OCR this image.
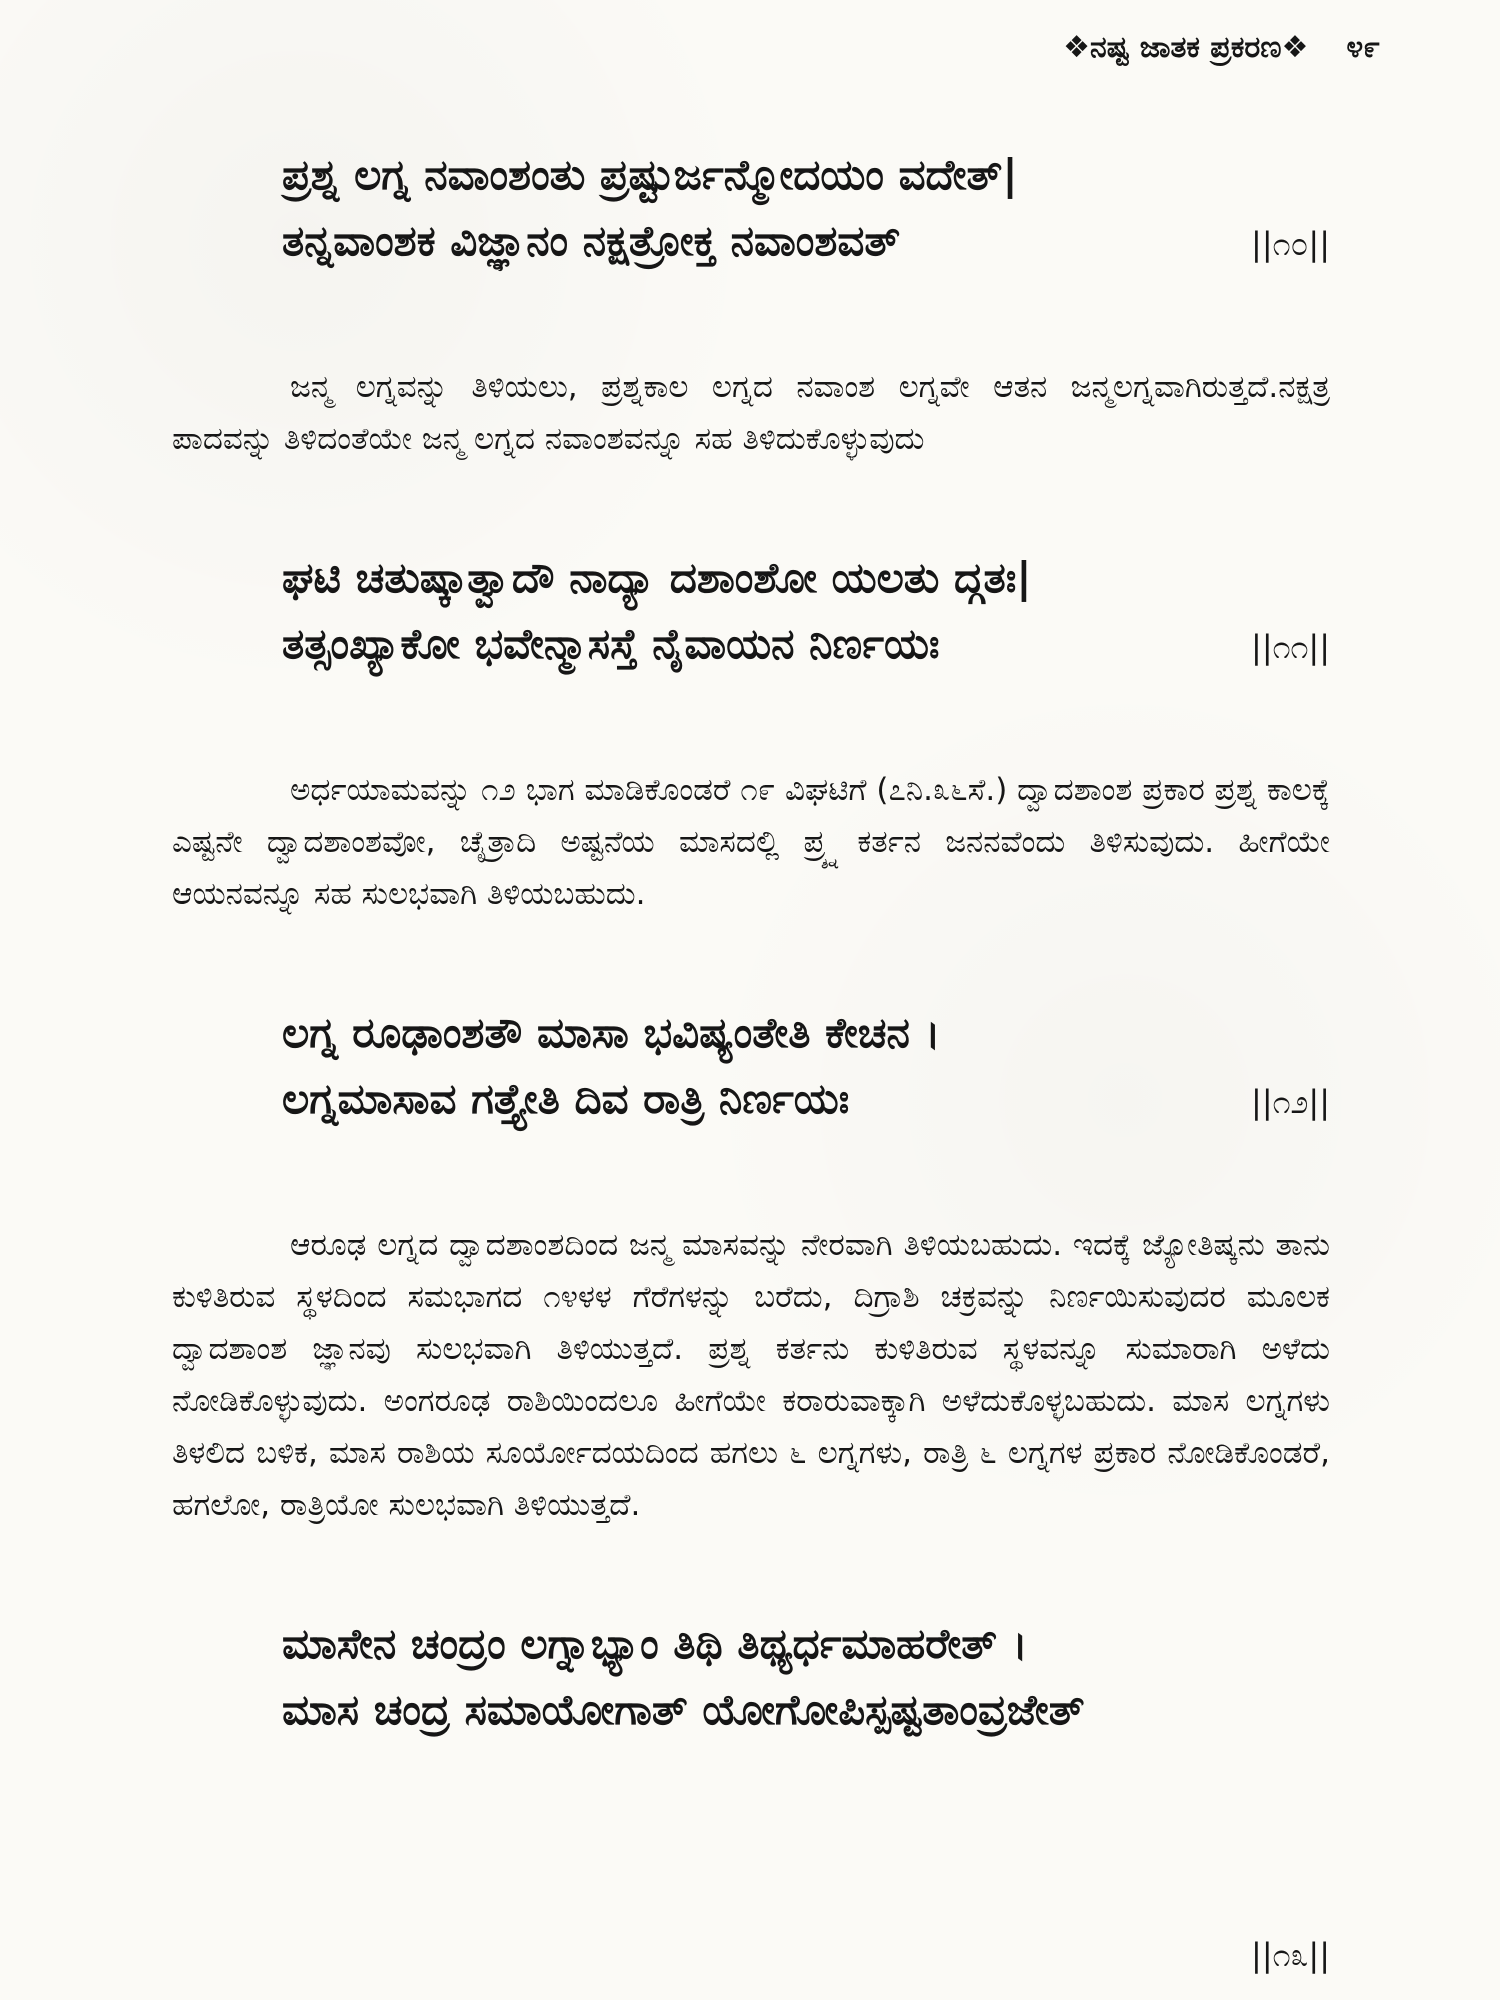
❖ನಷ್ಟ ಜಾತಕ ಪ್ರಕರಣ❖ ೪೯
ಪ್ರಶ್ನ ಲಗ್ನ ನವಾಂಶಂತು ಪ್ರಷ್ಟುರ್ಜನ್ಮೋದಯಂ ವದೇತ್|
ತನ್ನವಾಂಶಕ ವಿಜ್ಞಾನಂ ನಕ್ಷತ್ರೋಕ್ತ ನವಾಂಶವತ್	||೧೦||
ಜನ್ಮ ಲಗ್ನವನ್ನು ತಿಳಿಯಲು, ಪ್ರಶ್ನಕಾಲ ಲಗ್ನದ ನವಾಂಶ ಲಗ್ನವೇ ಆತನ ಜನ್ಮಲಗ್ನವಾಗಿರುತ್ತದೆ.ನಕ್ಷತ್ರ ಪಾದವನ್ನು ತಿಳಿದಂತೆಯೇ ಜನ್ಮ ಲಗ್ನದ ನವಾಂಶವನ್ನೂ ಸಹ ತಿಳಿದುಕೊಳ್ಳುವುದು
ಘಟಿ ಚತುಷ್ಕಾತ್ವಾದೌ ನಾದ್ಯಾ ದಶಾಂಶೋ ಯಲತು ದ್ಗತಃ|
ತತ್ಸಂಖ್ಯಾಕೋ ಭವೇನ್ಮಾಸಸ್ತೆ ನೈವಾಯನ ನಿರ್ಣಯಃ	||೧೧||
ಅರ್ಧಯಾಮವನ್ನು ೧೨ ಭಾಗ ಮಾಡಿಕೊಂಡರೆ ೧೯ ವಿಘಟಿಗೆ (೭ನಿ.೩೬ಸೆ.) ದ್ವಾದಶಾಂಶ ಪ್ರಕಾರ ಪ್ರಶ್ನ ಕಾಲಕ್ಕೆ ಎಷ್ಟನೇ ದ್ವಾದಶಾಂಶವೋ, ಚೈತ್ರಾದಿ ಅಷ್ಟನೆಯ ಮಾಸದಲ್ಲಿ ಪ್ರ್ಶ್ನ ಕರ್ತನ ಜನನವೆಂದು ತಿಳಿಸುವುದು. ಹೀಗೆಯೇ ಆಯನವನ್ನೂ ಸಹ ಸುಲಭವಾಗಿ ತಿಳಿಯಬಹುದು.
ಲಗ್ನ ರೂಢಾಂಶತೌ ಮಾಸಾ ಭವಿಷ್ಯಂತೇತಿ ಕೇಚನ ।
ಲಗ್ನಮಾಸಾವ ಗತ್ತ್ಯೇತಿ ದಿವ ರಾತ್ರಿ ನಿರ್ಣಯಃ	||೧೨||
ಆರೂಢ ಲಗ್ನದ ದ್ವಾದಶಾಂಶದಿಂದ ಜನ್ಮ ಮಾಸವನ್ನು ನೇರವಾಗಿ ತಿಳಿಯಬಹುದು. ಇದಕ್ಕೆ ಜ್ಯೋತಿಷ್ಕನು ತಾನು ಕುಳಿತಿರುವ ಸ್ಥಳದಿಂದ ಸಮಭಾಗದ ೧೪ಳಳ ಗೆರೆಗಳನ್ನು ಬರೆದು, ದಿಗ್ರಾಶಿ ಚಕ್ರವನ್ನು ನಿರ್ಣಯಿಸುವುದರ ಮೂಲಕ ದ್ವಾದಶಾಂಶ ಜ್ಞಾನವು ಸುಲಭವಾಗಿ ತಿಳಿಯುತ್ತದೆ. ಪ್ರಶ್ನ ಕರ್ತನು ಕುಳಿತಿರುವ ಸ್ಥಳವನ್ನೂ ಸುಮಾರಾಗಿ ಅಳೆದು ನೋಡಿಕೊಳ್ಳುವುದು. ಅಂಗರೂಢ ರಾಶಿಯಿಂದಲೂ ಹೀಗೆಯೇ ಕರಾರುವಾಕ್ಕಾಗಿ ಅಳೆದುಕೊಳ್ಳಬಹುದು. ಮಾಸ ಲಗ್ನಗಳು ತಿಳಲಿದ ಬಳಿಕ, ಮಾಸ ರಾಶಿಯ ಸೂರ್ಯೋದಯದಿಂದ ಹಗಲು ೬ ಲಗ್ನಗಳು, ರಾತ್ರಿ ೬ ಲಗ್ನಗಳ ಪ್ರಕಾರ ನೋಡಿಕೊಂಡರೆ, ಹಗಲೋ, ರಾತ್ರಿಯೋ ಸುಲಭವಾಗಿ ತಿಳಿಯುತ್ತದೆ.
ಮಾಸೇನ ಚಂದ್ರಂ ಲಗ್ನಾಭ್ಯಾಂ ತಿಥಿ ತಿಥ್ಯರ್ಧಮಾಹರೇತ್ ।
ಮಾಸ ಚಂದ್ರ ಸಮಾಯೋಗಾತ್ ಯೋಗೋಪಿಸ್ಪಷ್ಟತಾಂವ್ರಜೇತ್
||೧೩||
